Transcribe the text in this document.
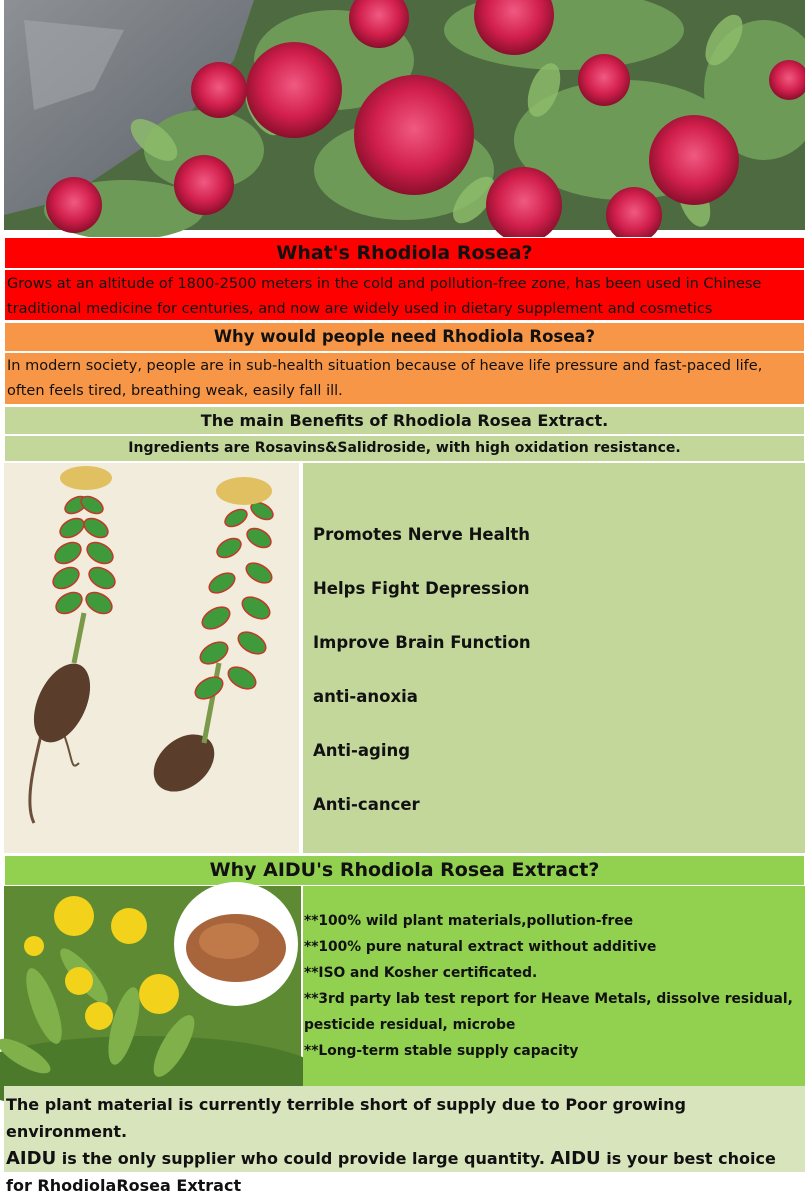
What's Rhodiola Rosea?
Grows at an altitude of 1800-2500 meters in the cold and pollution-free zone, has been used in Chinese traditional medicine for centuries, and now are widely used in dietary supplement and cosmetics
Why would people need Rhodiola Rosea?
In modern society, people are in sub-health situation because of heave life pressure and fast-paced life, often feels tired, breathing weak, easily fall ill.
The main Benefits of Rhodiola Rosea Extract.
Ingredients are Rosavins&Salidroside, with high oxidation resistance.
Promotes Nerve Health
Helps Fight Depression
Improve Brain Function
anti-anoxia
Anti-aging
Anti-cancer
Why AIDU's Rhodiola Rosea Extract?
**100% wild plant materials,pollution-free
**100% pure natural extract without additive
**ISO and Kosher certificated.
**3rd party lab test report for Heave Metals, dissolve residual, pesticide residual, microbe
**Long-term stable supply capacity
The plant material is currently terrible short of supply due to Poor growing environment.
AIDU is the only supplier who could provide large quantity. AIDU is your best choice for RhodiolaRosea Extract
